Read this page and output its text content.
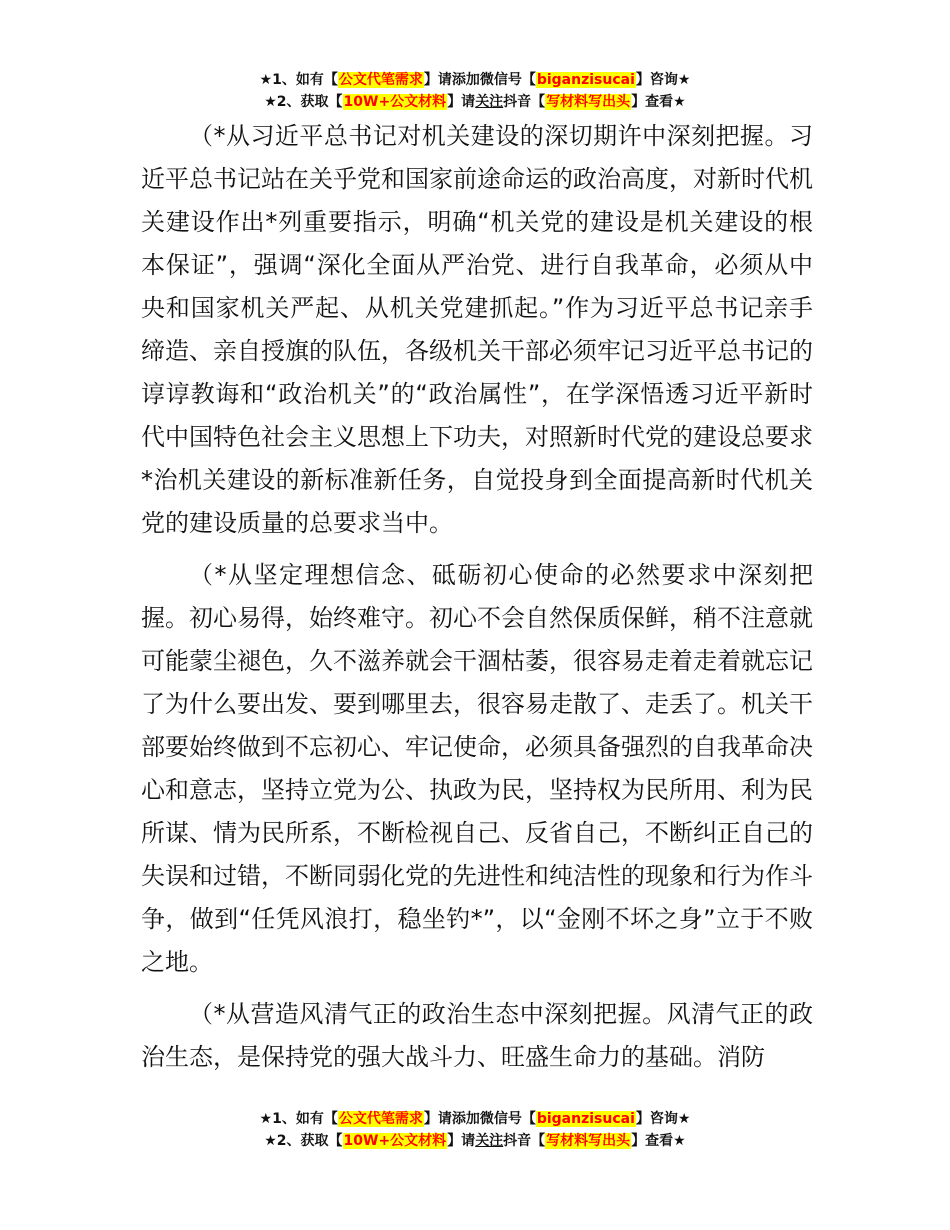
★1、如有【公文代笔需求】请添加微信号【biganzisucai】咨询★
★2、获取【10W+公文材料】请关注抖音【写材料写出头】查看★

（*从习近平总书记对机关建设的深切期许中深刻把握。习近平总书记站在关乎党和国家前途命运的政治高度，对新时代机关建设作出*列重要指示，明确“机关党的建设是机关建设的根本保证”，强调“深化全面从严治党、进行自我革命，必须从中央和国家机关严起、从机关党建抓起。”作为习近平总书记亲手缔造、亲自授旗的队伍，各级机关干部必须牢记习近平总书记的谆谆教诲和“政治机关”的“政治属性”，在学深悟透习近平新时代中国特色社会主义思想上下功夫，对照新时代党的建设总要求*治机关建设的新标准新任务，自觉投身到全面提高新时代机关党的建设质量的总要求当中。

（*从坚定理想信念、砥砺初心使命的必然要求中深刻把握。初心易得，始终难守。初心不会自然保质保鲜，稍不注意就可能蒙尘褪色，久不滋养就会干涸枯萎，很容易走着走着就忘记了为什么要出发、要到哪里去，很容易走散了、走丢了。机关干部要始终做到不忘初心、牢记使命，必须具备强烈的自我革命决心和意志，坚持立党为公、执政为民，坚持权为民所用、利为民所谋、情为民所系，不断检视自己、反省自己，不断纠正自己的失误和过错，不断同弱化党的先进性和纯洁性的现象和行为作斗争，做到“任凭风浪打，稳坐钓*”，以“金刚不坏之身”立于不败之地。

（*从营造风清气正的政治生态中深刻把握。风清气正的政治生态，是保持党的强大战斗力、旺盛生命力的基础。消防

★1、如有【公文代笔需求】请添加微信号【biganzisucai】咨询★
★2、获取【10W+公文材料】请关注抖音【写材料写出头】查看★
